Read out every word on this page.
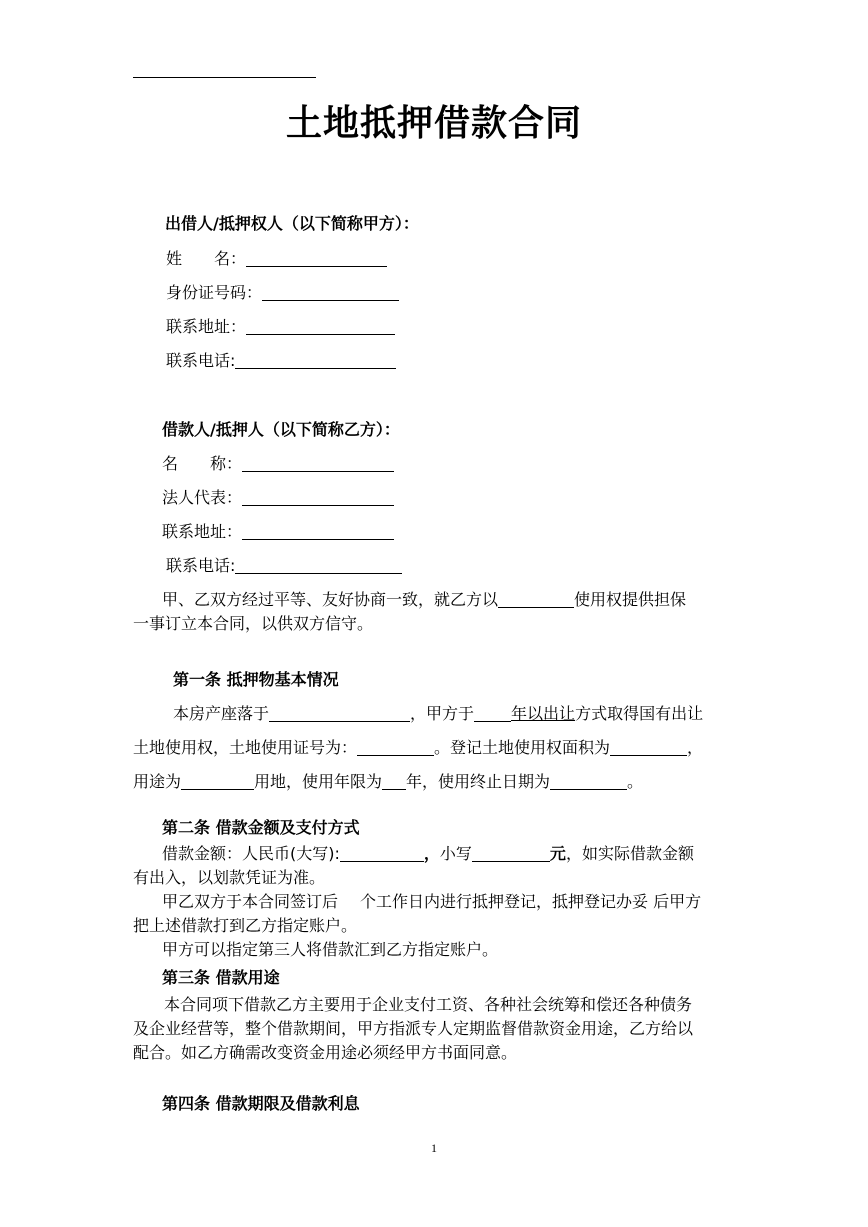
土地抵押借款合同
出借人/抵押权人（以下简称甲方）：
姓　　名：
身份证号码：
联系地址：
联系电话:
借款人/抵押人（以下简称乙方）：
名　　称：
法人代表：
联系地址：
联系电话:
甲、乙双方经过平等、友好协商一致，就乙方以	使用权提供担保
一事订立本合同，以供双方信守。
第一条 抵押物基本情况
本房产座落于	，甲方于 年以出让方式取得国有出让
土地使用权，土地使用证号为：	。登记土地使用权面积为	，
用途为	用地，使用年限为 年，使用终止日期为	。
第二条 借款金额及支付方式
借款金额：人民币(大写):	，小写	元，如实际借款金额
有出入，以划款凭证为准。
甲乙双方于本合同签订后 个工作日内进行抵押登记，抵押登记办妥 后甲方
把上述借款打到乙方指定账户。
甲方可以指定第三人将借款汇到乙方指定账户。
第三条 借款用途
本合同项下借款乙方主要用于企业支付工资、各种社会统筹和偿还各种债务
及企业经营等，整个借款期间，甲方指派专人定期监督借款资金用途，乙方给以
配合。如乙方确需改变资金用途必须经甲方书面同意。
第四条 借款期限及借款利息
1
